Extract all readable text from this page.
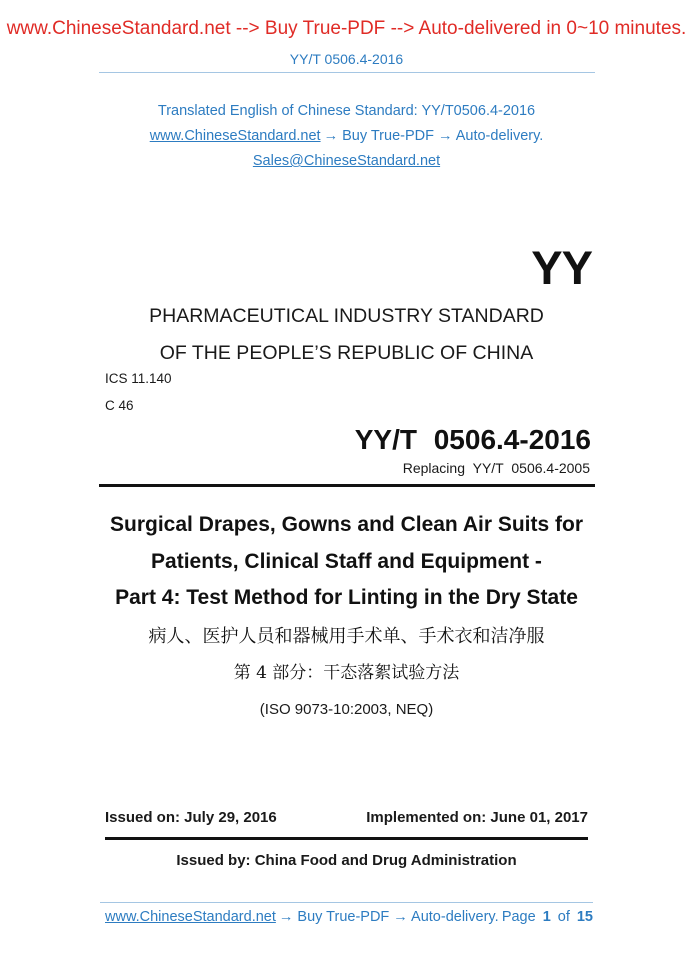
www.ChineseStandard.net --> Buy True-PDF --> Auto-delivered in 0~10 minutes.
YY/T 0506.4-2016
Translated English of Chinese Standard: YY/T0506.4-2016
www.ChineseStandard.net → Buy True-PDF → Auto-delivery.
Sales@ChineseStandard.net
YY
PHARMACEUTICAL INDUSTRY STANDARD
OF THE PEOPLE’S REPUBLIC OF CHINA
ICS 11.140
C 46
YY/T 0506.4-2016
Replacing YY/T 0506.4-2005
Surgical Drapes, Gowns and Clean Air Suits for
Patients, Clinical Staff and Equipment -
Part 4: Test Method for Linting in the Dry State
病人、医护人员和器械用手术单、手术衣和洁净服
第 4 部分：干态落絮试验方法
(ISO 9073-10:2003, NEQ)
Issued on: July 29, 2016	Implemented on: June 01, 2017
Issued by: China Food and Drug Administration
www.ChineseStandard.net → Buy True-PDF → Auto-delivery. Page 1 of 15
